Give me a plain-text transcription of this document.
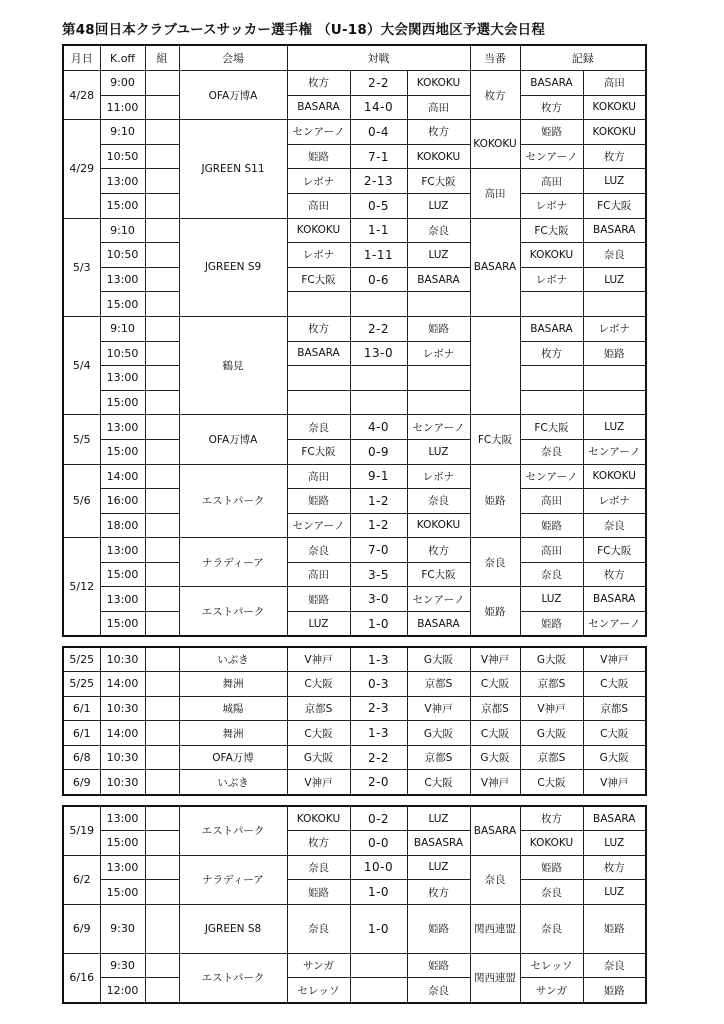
第48回日本クラブユースサッカー選手権 （U-18）大会関西地区予選大会日程
月日	K.off	組	会場	対戦			当番	記録	
4/28	9:00		OFA万博A	枚方	2-2	KOKOKU	枚方	BASARA	高田
	11:00			BASARA	14-0	高田		枚方	KOKOKU
4/29	9:10		JGREEN S11	センアーノ	0-4	枚方	KOKOKU	姫路	KOKOKU
	10:50			姫路	7-1	KOKOKU		センアーノ	枚方
	13:00			レボナ	2-13	FC大阪	高田	高田	LUZ
	15:00			高田	0-5	LUZ		レボナ	FC大阪
5/3	9:10		JGREEN S9	KOKOKU	1-1	奈良	BASARA	FC大阪	BASARA
	10:50			レボナ	1-11	LUZ		KOKOKU	奈良
	13:00			FC大阪	0-6	BASARA		レボナ	LUZ
	15:00								
5/4	9:10		鶴見	枚方	2-2	姫路		BASARA	レボナ
	10:50			BASARA	13-0	レボナ		枚方	姫路
	13:00								
	15:00								
5/5	13:00		OFA万博A	奈良	4-0	センアーノ	FC大阪	FC大阪	LUZ
	15:00			FC大阪	0-9	LUZ		奈良	センアーノ
5/6	14:00		エストパーク	高田	9-1	レボナ	姫路	センアーノ	KOKOKU
	16:00			姫路	1-2	奈良		高田	レボナ
	18:00			センアーノ	1-2	KOKOKU		姫路	奈良
5/12	13:00		ナラディーア	奈良	7-0	枚方	奈良	高田	FC大阪
	15:00			高田	3-5	FC大阪		奈良	枚方
	13:00		エストパーク	姫路	3-0	センアーノ	姫路	LUZ	BASARA
	15:00			LUZ	1-0	BASARA		姫路	センアーノ
5/25	10:30		いぶき	V神戸	1-3	G大阪	V神戸	G大阪	V神戸
5/25	14:00		舞洲	C大阪	0-3	京都S	C大阪	京都S	C大阪
6/1	10:30		城陽	京都S	2-3	V神戸	京都S	V神戸	京都S
6/1	14:00		舞洲	C大阪	1-3	G大阪	C大阪	G大阪	C大阪
6/8	10:30		OFA万博	G大阪	2-2	京都S	G大阪	京都S	G大阪
6/9	10:30		いぶき	V神戸	2-0	C大阪	V神戸	C大阪	V神戸
5/19	13:00		エストパーク	KOKOKU	0-2	LUZ	BASARA	枚方	BASARA
	15:00			枚方	0-0	BASASRA		KOKOKU	LUZ
6/2	13:00		ナラディーア	奈良	10-0	LUZ	奈良	姫路	枚方
	15:00			姫路	1-0	枚方		奈良	LUZ
6/9	9:30		JGREEN S8	奈良	1-0	姫路	関西連盟	奈良	姫路
6/16	9:30		エストパーク	サンガ		姫路	関西連盟	セレッソ	奈良
	12:00			セレッソ		奈良		サンガ	姫路
